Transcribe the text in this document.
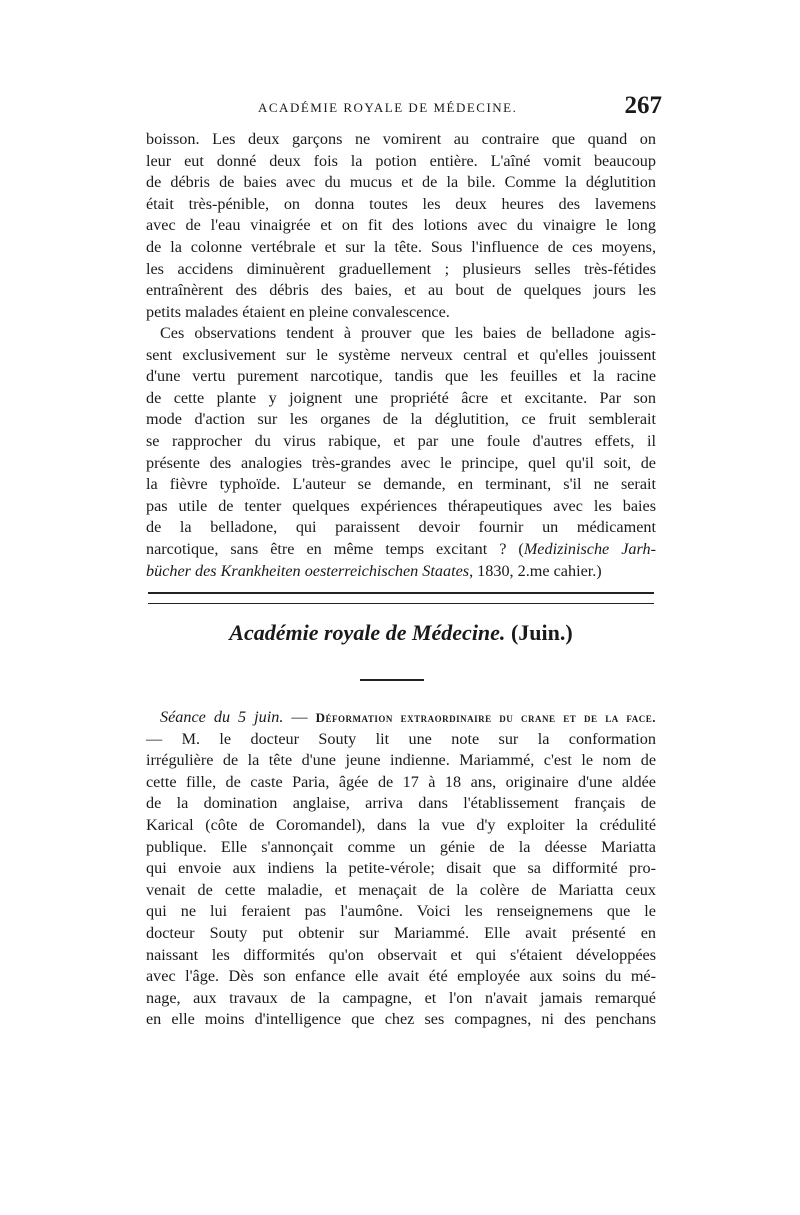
ACADÉMIE ROYALE DE MÉDECINE.	267
boisson. Les deux garçons ne vomirent au contraire que quand on
leur eut donné deux fois la potion entière. L'aîné vomit beaucoup
de débris de baies avec du mucus et de la bile. Comme la déglutition
était très-pénible, on donna toutes les deux heures des lavemens
avec de l'eau vinaigrée et on fit des lotions avec du vinaigre le long
de la colonne vertébrale et sur la tête. Sous l'influence de ces moyens,
les accidens diminuèrent graduellement ; plusieurs selles très-fétides
entraînèrent des débris des baies, et au bout de quelques jours les
petits malades étaient en pleine convalescence.
Ces observations tendent à prouver que les baies de belladone agis-
sent exclusivement sur le système nerveux central et qu'elles jouissent
d'une vertu purement narcotique, tandis que les feuilles et la racine
de cette plante y joignent une propriété âcre et excitante. Par son
mode d'action sur les organes de la déglutition, ce fruit semblerait
se rapprocher du virus rabique, et par une foule d'autres effets, il
présente des analogies très-grandes avec le principe, quel qu'il soit, de
la fièvre typhoïde. L'auteur se demande, en terminant, s'il ne serait
pas utile de tenter quelques expériences thérapeutiques avec les baies
de la belladone, qui paraissent devoir fournir un médicament
narcotique, sans être en même temps excitant ? (Medizinische Jarh-
bücher des Krankheiten oesterreichischen Staates, 1830, 2.me cahier.)
Académie royale de Médecine. (Juin.)
Séance du 5 juin. — Déformation extraordinaire du crane et de la face.
— M. le docteur Souty lit une note sur la conformation
irrégulière de la tête d'une jeune indienne. Mariammé, c'est le nom de
cette fille, de caste Paria, âgée de 17 à 18 ans, originaire d'une aldée
de la domination anglaise, arriva dans l'établissement français de
Karical (côte de Coromandel), dans la vue d'y exploiter la crédulité
publique. Elle s'annonçait comme un génie de la déesse Mariatta
qui envoie aux indiens la petite-vérole; disait que sa difformité pro-
venait de cette maladie, et menaçait de la colère de Mariatta ceux
qui ne lui feraient pas l'aumône. Voici les renseignemens que le
docteur Souty put obtenir sur Mariammé. Elle avait présenté en
naissant les difformités qu'on observait et qui s'étaient développées
avec l'âge. Dès son enfance elle avait été employée aux soins du mé-
nage, aux travaux de la campagne, et l'on n'avait jamais remarqué
en elle moins d'intelligence que chez ses compagnes, ni des penchans
